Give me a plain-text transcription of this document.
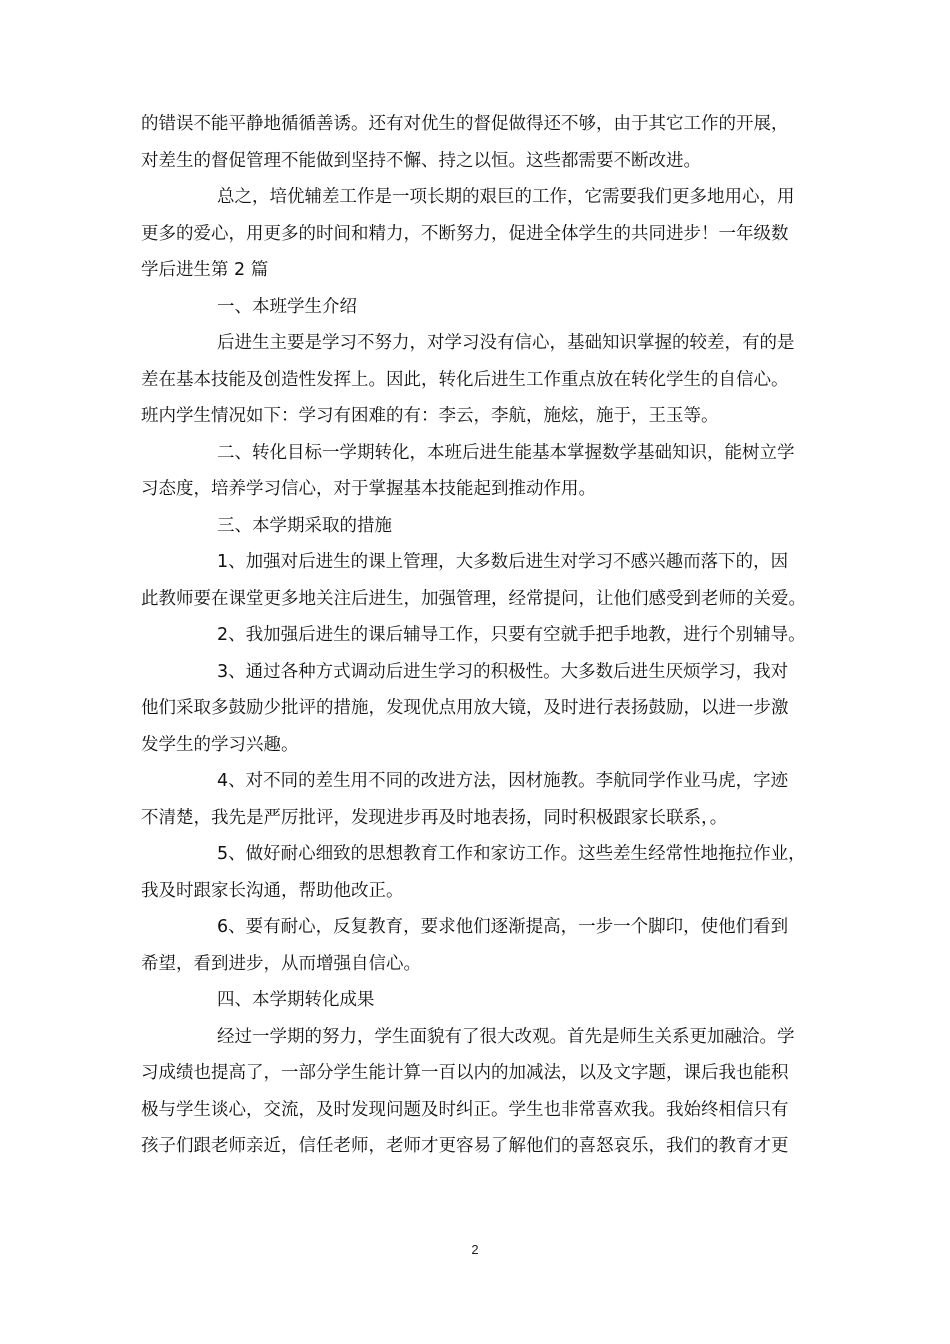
的错误不能平静地循循善诱。还有对优生的督促做得还不够，由于其它工作的开展，
对差生的督促管理不能做到坚持不懈、持之以恒。这些都需要不断改进。
总之，培优辅差工作是一项长期的艰巨的工作，它需要我们更多地用心，用
更多的爱心，用更多的时间和精力，不断努力，促进全体学生的共同进步！一年级数
学后进生第 2 篇
一、本班学生介绍
后进生主要是学习不努力，对学习没有信心，基础知识掌握的较差，有的是
差在基本技能及创造性发挥上。因此，转化后进生工作重点放在转化学生的自信心。
班内学生情况如下：学习有困难的有：李云，李航，施炫，施于，王玉等。
二、转化目标一学期转化，本班后进生能基本掌握数学基础知识，能树立学
习态度，培养学习信心，对于掌握基本技能起到推动作用。
三、本学期采取的措施
1、加强对后进生的课上管理，大多数后进生对学习不感兴趣而落下的，因
此教师要在课堂更多地关注后进生，加强管理，经常提问，让他们感受到老师的关爱。
2、我加强后进生的课后辅导工作，只要有空就手把手地教，进行个别辅导。
3、通过各种方式调动后进生学习的积极性。大多数后进生厌烦学习，我对
他们采取多鼓励少批评的措施，发现优点用放大镜，及时进行表扬鼓励，以进一步激
发学生的学习兴趣。
4、对不同的差生用不同的改进方法，因材施教。李航同学作业马虎，字迹
不清楚，我先是严厉批评，发现进步再及时地表扬，同时积极跟家长联系，。
5、做好耐心细致的思想教育工作和家访工作。这些差生经常性地拖拉作业，
我及时跟家长沟通，帮助他改正。
6、要有耐心，反复教育，要求他们逐渐提高，一步一个脚印，使他们看到
希望，看到进步，从而增强自信心。
四、本学期转化成果
经过一学期的努力，学生面貌有了很大改观。首先是师生关系更加融洽。学
习成绩也提高了，一部分学生能计算一百以内的加减法，以及文字题，课后我也能积
极与学生谈心，交流，及时发现问题及时纠正。学生也非常喜欢我。我始终相信只有
孩子们跟老师亲近，信任老师，老师才更容易了解他们的喜怒哀乐，我们的教育才更
2
